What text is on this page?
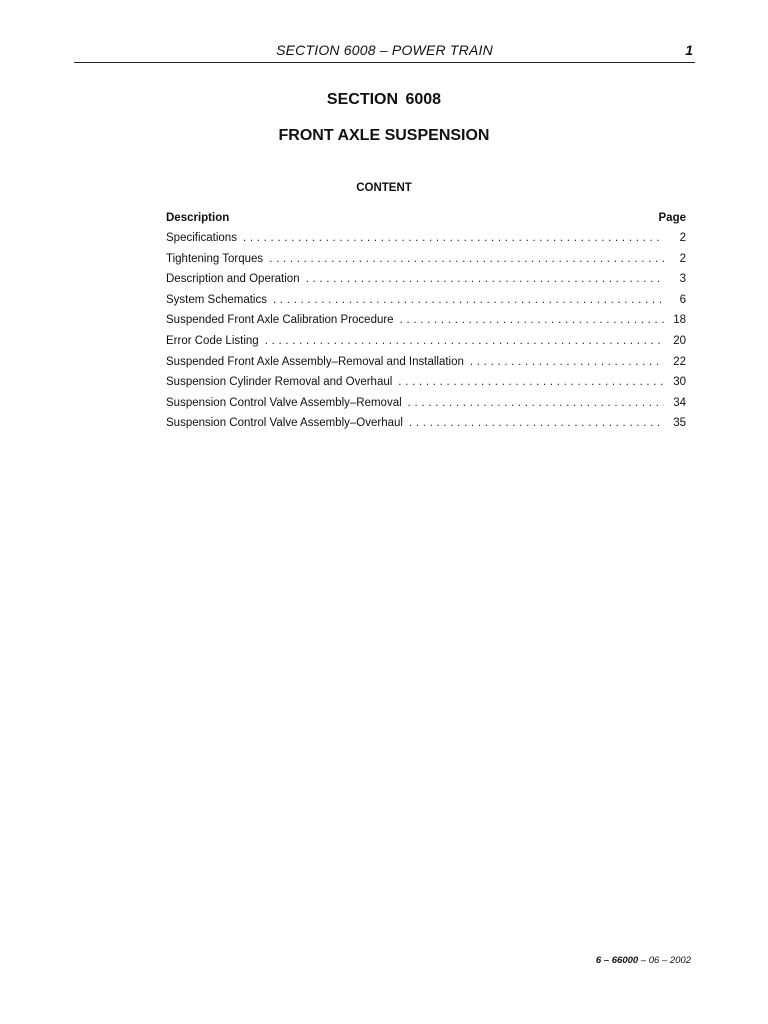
SECTION 6008 – POWER TRAIN	1
SECTION 6008
FRONT AXLE SUSPENSION
CONTENT
Description	Page
Specifications . . .	2
Tightening Torques . . .	2
Description and Operation . . .	3
System Schematics . . .	6
Suspended Front Axle Calibration Procedure . . .	18
Error Code Listing . . .	20
Suspended Front Axle Assembly–Removal and Installation . . .	22
Suspension Cylinder Removal and Overhaul . . .	30
Suspension Control Valve Assembly–Removal . . .	34
Suspension Control Valve Assembly–Overhaul . . .	35
6 – 66000 – 06 – 2002
